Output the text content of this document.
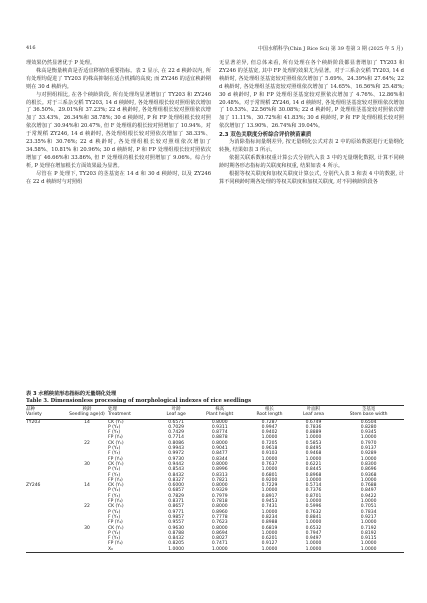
416	中国水稻科学(Chin J Rice Sci) 第 39 卷第 3 期 (2025 年 5 月)

理效果仍然显著优于 P 处理。

株高是衡量秧苗是否适宜移植的重要指标。表 2 显示, 在 22 d 秧龄以内, 所有处理均促进了 TY203 的株高抑制在适合机插的高度; 而 ZY246 的适宜秧龄期则在 30 d 秧龄内。

与对照组相比, 在各个秧龄阶段, 所有处理均显著增加了 TY203 和 ZY246 的根长。对于三系杂交稻 TY203, 14 d 秧龄时, 各处理组根长较对照组依次增加了 36.50%、29.01%和 37.23%; 22 d 秧龄时, 各处理组根长较对照组依次增加了 33.43%、26.34%和 38.78%; 30 d 秧龄时, P 和 FP 处理组根长较对照依次增加了 30.94%和 20.47%, 但 F 处理组的根长较对照增加了 10.94%。对于常规稻 ZY246, 14 d 秧龄时, 各处理组根长较对照依次增加了 38.33%、23.35%和 30.76%; 22 d 秧龄时, 各处理组根长较对照组依次增加了 34.58%、10.81% 和 20.96%; 30 d 秧龄时, P 和 FP 处理组根长较对照依次增加了 46.66%和 33.86%, 但 F 处理组的根长较对照增加了 9.06%。综合分析, P 处理在增加根长方面效果最为显著。

尽管在 P 处理下, TY203 的茎基宽在 14 d 和 30 d 秧龄时, 以及 ZY246 在 22 d 秧龄时与对照组

无显著差异, 但总体来看, 所有处理在各个秧龄阶段都显著增加了 TY203 和 ZY246 的茎基宽, 其中 FP 处理的效果尤为显著。对于三系杂交稻 TY203, 14 d 秧龄时, 各处理组茎基宽较对照组依次增加了 5.69%、24.39%和 27.64%; 22 d 秧龄时, 各处理组茎基宽较对照组依次增加了 14.65%、16.56%和 25.48%; 30 d 秧龄时, P 和 FP 处理组茎基宽较对照依次增加了 4.76%、12.86%和 20.48%。对于常规稻 ZY246, 14 d 秧龄时, 各处理组茎基宽较对照组依次增加了 10.53%、22.56%和 30.08%; 22 d 秧龄时, P 处理组茎基宽较对照依次增加了 11.11%、30.72%和 41.83%; 30 d 秧龄时, P 和 FP 处理组根长较对照依次增加了 13.90%、26.74%和 39.04%。

2.3 双色关联度分析综合评价秧苗素质

为消除指标间量纲差异, 按无量纲化公式对表 2 中的原始数据进行无量纲化转换, 结果如表 3 所示。

依据关联系数和权重计算公式分别代入表 3 中的无量纲化数据, 计算不同秧龄时期各形态指标的关联度和权重, 结果如表 4 所示。

根据等权关联度和加权关联度计算公式, 分别代入表 3 和表 4 中的数据, 计算不同秧龄时期各处理的等权关联度和加权关联度, 对不同秧龄阶段各

表 3 水稻秧苗形态指标的无量纲化处理
Table 3. Dimensionless processing of morphological indexes of rice seedlings
品种	秧龄	处理	叶龄	株高	根长	叶面积	茎基宽
Variety	Seedling age(d)	Treatment	Leaf age	Plant height	Root length	Leaf area	Stem base width
TY203	14	CK (Y₁)	0.6571	0.8000	0.7287	0.6749	0.6504
		P (Y₂)	0.7029	0.9311	0.9947	0.7836	0.8280
		F (Y₃)	0.7429	0.8774	0.9402	0.8889	0.9345
		FP (Y₄)	0.7714	0.8878	1.0000	1.0000	1.0000
	22	CK (Y₁)	0.8086	0.8000	0.7205	0.5853	0.7970
		P (Y₂)	0.9943	0.9041	0.9618	0.8495	0.9137
		F (Y₃)	0.9972	0.8477	0.9103	0.9468	0.9289
		FP (Y₄)	0.9730	0.8344	1.0000	1.0000	1.0000
	30	CK (Y₁)	0.9442	0.8000	0.7637	0.6221	0.8300
		P (Y₂)	0.8543	0.8996	1.0000	0.8445	0.8696
		F (Y₃)	0.8432	0.8313	0.6801	0.8968	0.9368
		FP (Y₄)	0.8327	0.7821	0.9200	1.0000	1.0000
ZY246	14	CK (Y₁)	0.6000	0.8000	0.7229	0.5714	0.7688
		P (Y₂)	0.6857	0.9329	1.0000	0.7376	0.8497
		F (Y₃)	0.7829	0.7979	0.8917	0.8701	0.9422
		FP (Y₄)	0.8371	0.7818	0.9453	1.0000	1.0000
	22	CK (Y₁)	0.8657	0.8000	0.7431	0.5996	0.7051
		P (Y₂)	0.9771	0.8960	1.0000	0.7632	0.7834
		F (Y₃)	0.9857	0.7778	0.8234	0.8841	0.9217
		FP (Y₄)	0.9557	0.7623	0.8988	1.0000	1.0000
	30	CK (Y₁)	0.9630	0.8000	0.6819	0.6532	0.7192
		P (Y₂)	0.8788	0.8694	1.0000	0.7947	0.8192
		F (Y₃)	0.8432	0.8027	0.6201	0.9497	0.9115
		FP (Y₄)	0.8205	0.7471	0.9127	1.0000	1.0000
		X₀	1.0000	1.0000	1.0000	1.0000	1.0000
